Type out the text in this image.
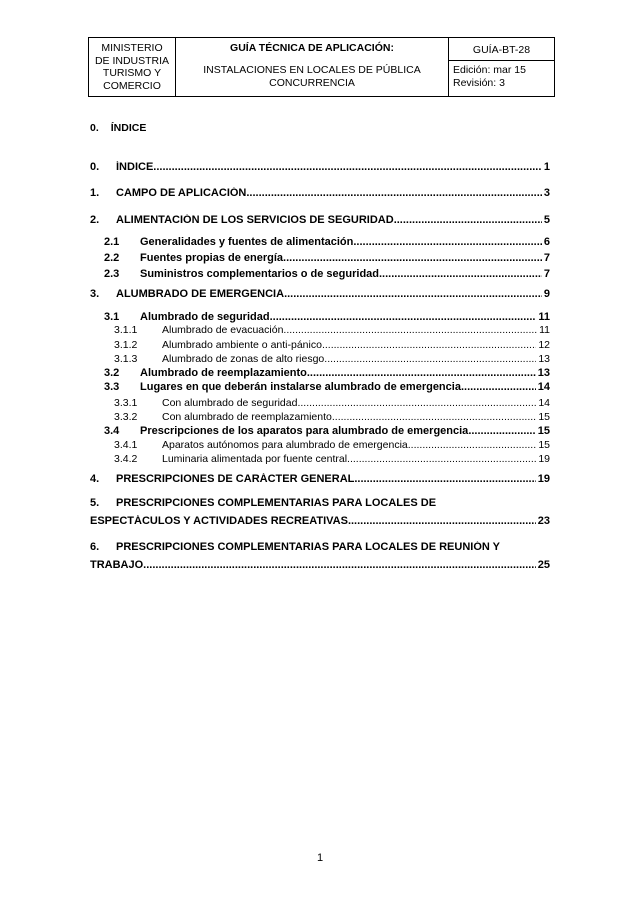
MINISTERIO
DE INDUSTRIA
TURISMO Y
COMERCIO

GUÍA TÉCNICA DE APLICACIÓN:
INSTALACIONES EN LOCALES DE PÚBLICA CONCURRENCIA

GUÍA-BT-28
Edición: mar 15
Revisión: 3

0. ÍNDICE
0.	ÍNDICE .....	1
1.	CAMPO DE APLICACIÓN .....	3
2.	ALIMENTACIÓN DE LOS SERVICIOS DE SEGURIDAD .....	5
2.1	Generalidades y fuentes de alimentación .....	6
2.2	Fuentes propias de energía .....	7
2.3	Suministros complementarios o de seguridad .....	7
3.	ALUMBRADO DE EMERGENCIA .....	9
3.1	Alumbrado de seguridad .....	11
3.1.1	Alumbrado de evacuación .....	11
3.1.2	Alumbrado ambiente o anti-pánico .....	12
3.1.3	Alumbrado de zonas de alto riesgo .....	13
3.2	Alumbrado de reemplazamiento .....	13
3.3	Lugares en que deberán instalarse alumbrado de emergencia .....	14
3.3.1	Con alumbrado de seguridad .....	14
3.3.2	Con alumbrado de reemplazamiento .....	15
3.4	Prescripciones de los aparatos para alumbrado de emergencia .....	15
3.4.1	Aparatos autónomos para alumbrado de emergencia .....	15
3.4.2	Luminaria alimentada por fuente central .....	19
4.	PRESCRIPCIONES DE CARÁCTER GENERAL .....	19
5.	PRESCRIPCIONES COMPLEMENTARIAS PARA LOCALES DE
ESPECTÁCULOS Y ACTIVIDADES RECREATIVAS .....	23
6.	PRESCRIPCIONES COMPLEMENTARIAS PARA LOCALES DE REUNIÓN Y
TRABAJO .....	25
1
